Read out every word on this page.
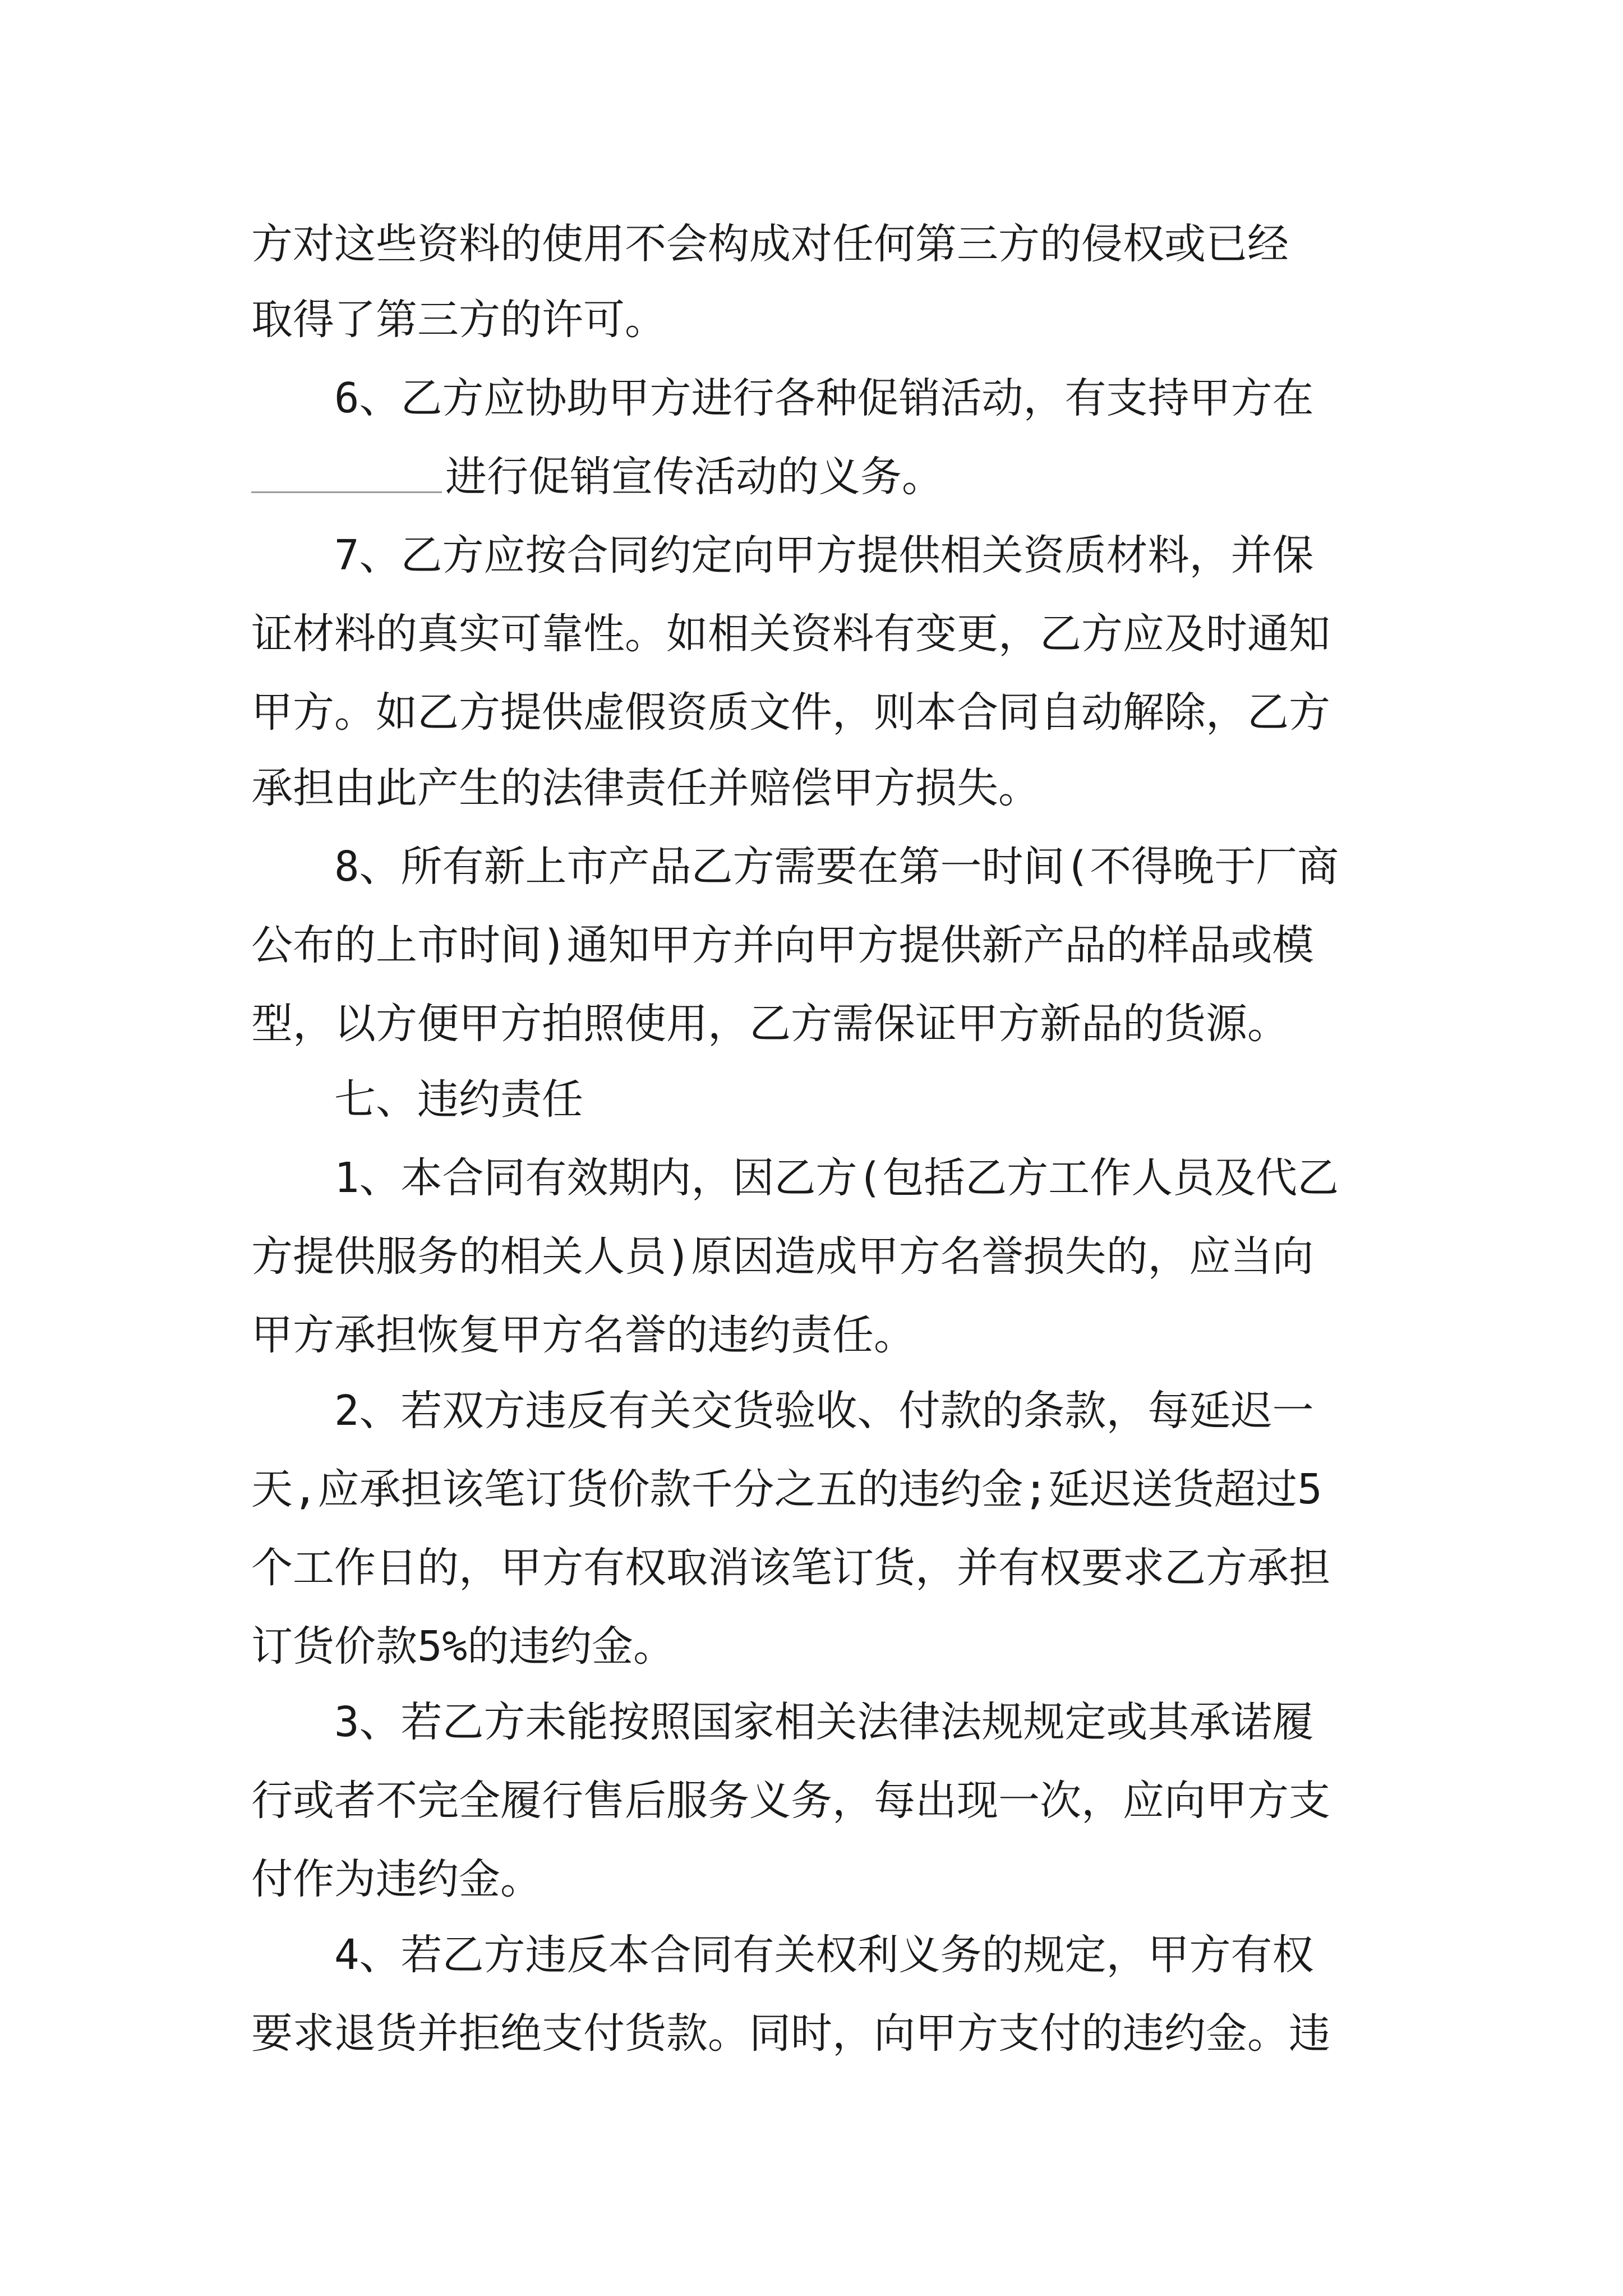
方对这些资料的使用不会构成对任何第三方的侵权或已经
取得了第三方的许可。
　　6、乙方应协助甲方进行各种促销活动，有支持甲方在
进行促销宣传活动的义务。
　　7、乙方应按合同约定向甲方提供相关资质材料，并保
证材料的真实可靠性。如相关资料有变更，乙方应及时通知
甲方。如乙方提供虚假资质文件，则本合同自动解除，乙方
承担由此产生的法律责任并赔偿甲方损失。
　　8、所有新上市产品乙方需要在第一时间(不得晚于厂商
公布的上市时间)通知甲方并向甲方提供新产品的样品或模
型，以方便甲方拍照使用，乙方需保证甲方新品的货源。
　　七、违约责任
　　1、本合同有效期内，因乙方(包括乙方工作人员及代乙
方提供服务的相关人员)原因造成甲方名誉损失的，应当向
甲方承担恢复甲方名誉的违约责任。
　　2、若双方违反有关交货验收、付款的条款，每延迟一
天,应承担该笔订货价款千分之五的违约金;延迟送货超过5
个工作日的，甲方有权取消该笔订货，并有权要求乙方承担
订货价款5%的违约金。
　　3、若乙方未能按照国家相关法律法规规定或其承诺履
行或者不完全履行售后服务义务，每出现一次，应向甲方支
付作为违约金。
　　4、若乙方违反本合同有关权利义务的规定，甲方有权
要求退货并拒绝支付货款。同时，向甲方支付的违约金。违
